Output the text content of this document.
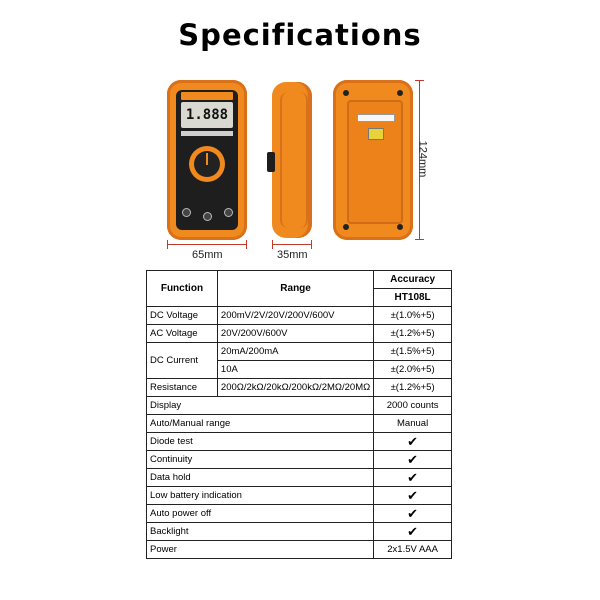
Specifications
1.888
65mm	35mm
124mm
Function	Range	Accuracy
		HT108L
DC Voltage	200mV/2V/20V/200V/600V	±(1.0%+5)
AC Voltage	20V/200V/600V	±(1.2%+5)
DC Current	20mA/200mA	±(1.5%+5)
	10A	±(2.0%+5)
Resistance	200Ω/2kΩ/20kΩ/200kΩ/2MΩ/20MΩ	±(1.2%+5)
Display		2000 counts
Auto/Manual range		Manual
Diode test		✔
Continuity		✔
Data hold		✔
Low battery indication		✔
Auto power off		✔
Backlight		✔
Power		2x1.5V AAA
